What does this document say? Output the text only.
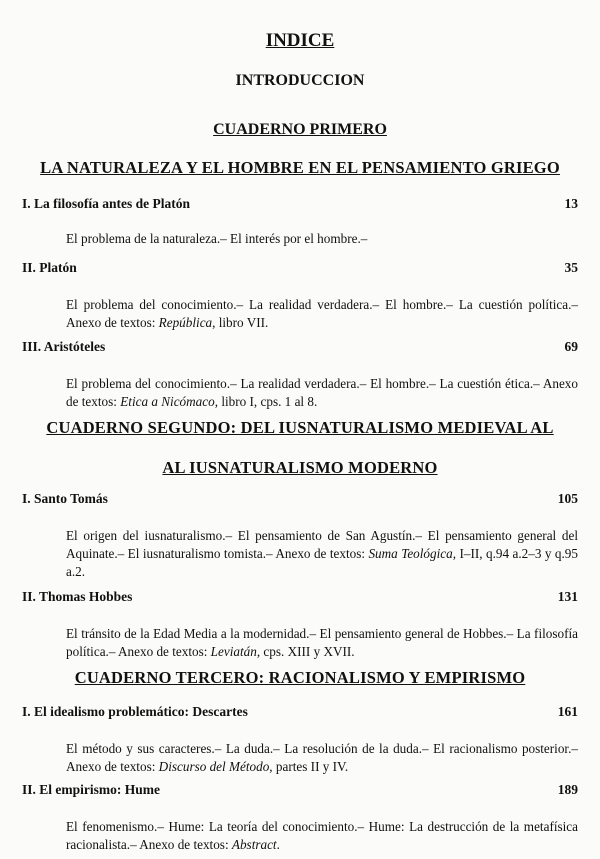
INDICE
INTRODUCCION
CUADERNO PRIMERO
LA NATURALEZA Y EL HOMBRE EN EL PENSAMIENTO GRIEGO
I. La filosofía antes de Platón	13
El problema de la naturaleza.– El interés por el hombre.–
II. Platón	35
El problema del conocimiento.– La realidad verdadera.– El hombre.– La cuestión política.– Anexo de textos: República, libro VII.
III. Aristóteles	69
El problema del conocimiento.– La realidad verdadera.– El hombre.– La cuestión ética.– Anexo de textos: Etica a Nicómaco, libro I, cps. 1 al 8.
CUADERNO SEGUNDO: DEL IUSNATURALISMO MEDIEVAL AL
AL IUSNATURALISMO MODERNO
I. Santo Tomás	105
El origen del iusnaturalismo.– El pensamiento de San Agustín.– El pensamiento general del Aquinate.– El iusnaturalismo tomista.– Anexo de textos: Suma Teológica, I–II, q.94 a.2–3 y q.95 a.2.
II. Thomas Hobbes	131
El tránsito de la Edad Media a la modernidad.– El pensamiento general de Hobbes.– La filosofía política.– Anexo de textos: Leviatán, cps. XIII y XVII.
CUADERNO TERCERO: RACIONALISMO Y EMPIRISMO
I. El idealismo problemático: Descartes	161
El método y sus caracteres.– La duda.– La resolución de la duda.– El racionalismo posterior.– Anexo de textos: Discurso del Método, partes II y IV.
II. El empirismo: Hume	189
El fenomenismo.– Hume: La teoría del conocimiento.– Hume: La destrucción de la metafísica racionalista.– Anexo de textos: Abstract.
